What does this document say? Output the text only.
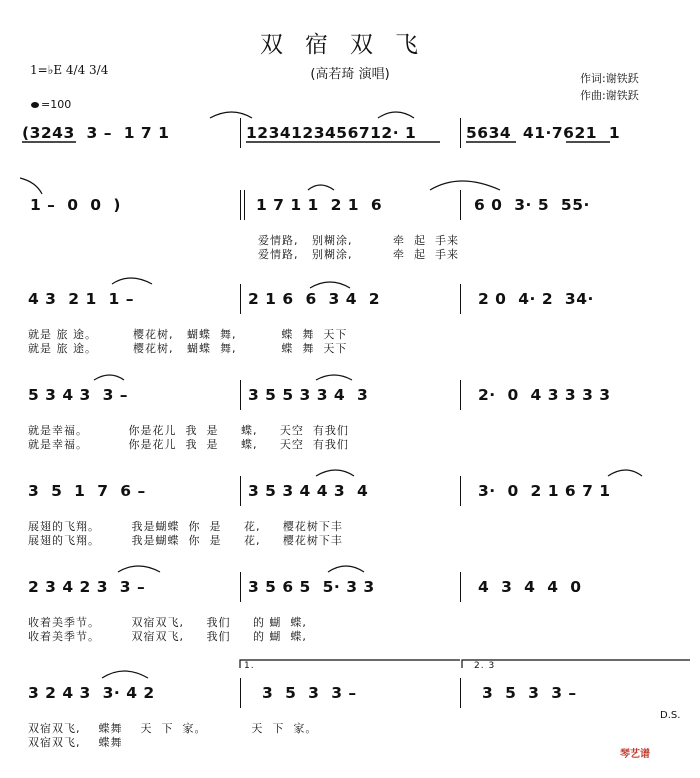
双宿双飞
(高若琦 演唱)	作词:谢铁跃
作曲:谢铁跃
1=♭E 4/4 3/4
=100
(3243  3 –  1 7 1	1234123456712· 1	5634  41·7621  1
1 –  0  0  )	1 7 1 1  2 1  6	6 0  3· 5  55·
爱情路,   别糊涂,         牵  起  手来
爱情路,   别糊涂,         牵  起  手来
4 3  2 1  1 –	2 1 6  6  3 4  2	2 0  4· 2  34·
就是 旅 途。        樱花树,   蝴蝶  舞,          蝶  舞  天下
就是 旅 途。        樱花树,   蝴蝶  舞,          蝶  舞  天下
5 3 4 3  3 –	3 5 5 3 3 4  3	2·  0  4 3 3 3 3
就是幸福。         你是花儿  我  是     蝶,     天空  有我们
就是幸福。         你是花儿  我  是     蝶,     天空  有我们
3  5  1  7  6 –	3 5 3 4 4 3  4	3·  0  2 1 6 7 1
展翅的飞翔。       我是蝴蝶  你  是     花,     樱花树下丰
展翅的飞翔。       我是蝴蝶  你  是     花,     樱花树下丰
2 3 4 2 3  3 –	3 5 6 5  5· 3 3	4  3  4  4  0
收着美季节。       双宿双飞,     我们     的 蝴  蝶,
收着美季节。       双宿双飞,     我们     的 蝴  蝶,
3 2 4 3  3· 4 2	3  5  3  3 –	3  5  3  3 –
双宿双飞,    蝶舞    天  下  家。          天  下  家。
双宿双飞,    蝶舞
1.	2. 3
D.S.
琴艺谱
